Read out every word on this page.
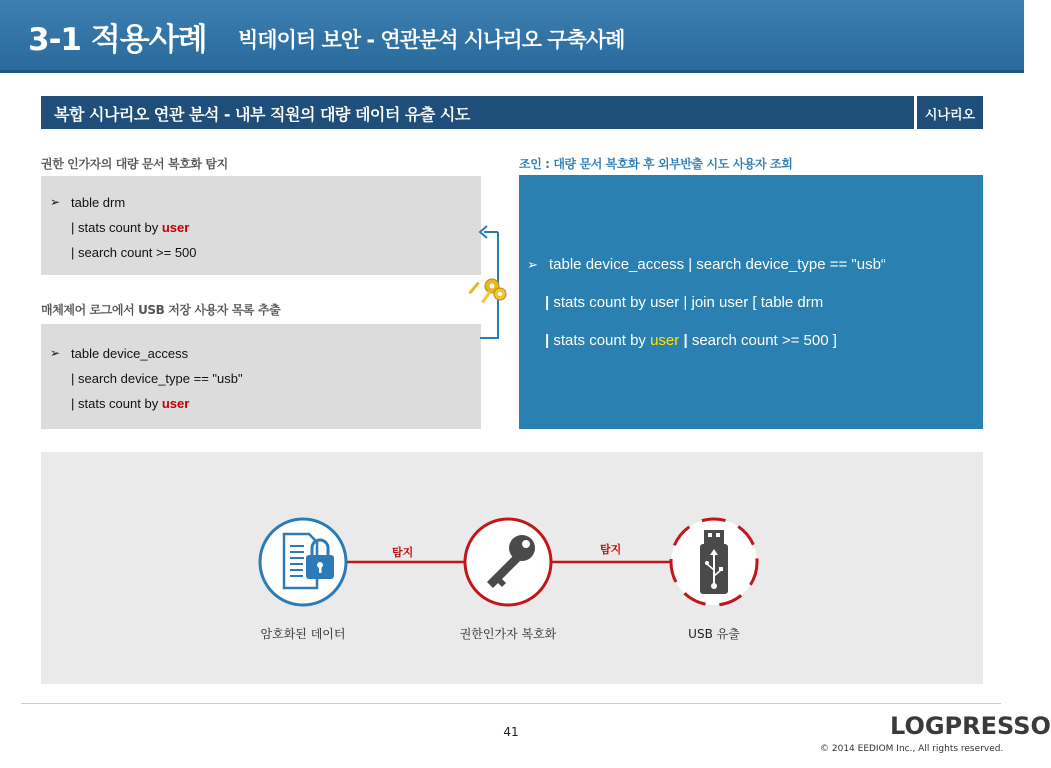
3-1 적용사례 빅데이터 보안 - 연관분석 시나리오 구축사례
복합 시나리오 연관 분석 - 내부 직원의 대량 데이터 유출 시도	시나리오
권한 인가자의 대량 문서 복호화 탐지
➢ table drm
| stats count by user
| search count >= 500
매체제어 로그에서 USB 저장 사용자 목록 추출
➢ table device_access
| search device_type == "usb"
| stats count by user
조인 : 대량 문서 복호화 후 외부반출 시도 사용자 조회
➢ table device_access | search device_type == "usb“
| stats count by user | join user [ table drm
| stats count by user | search count >= 500 ]
탐지	탐지
암호화된 데이터	권한인가자 복호화	USB 유출
41	LOGPRESSO
© 2014 EEDIOM Inc., All rights reserved.
